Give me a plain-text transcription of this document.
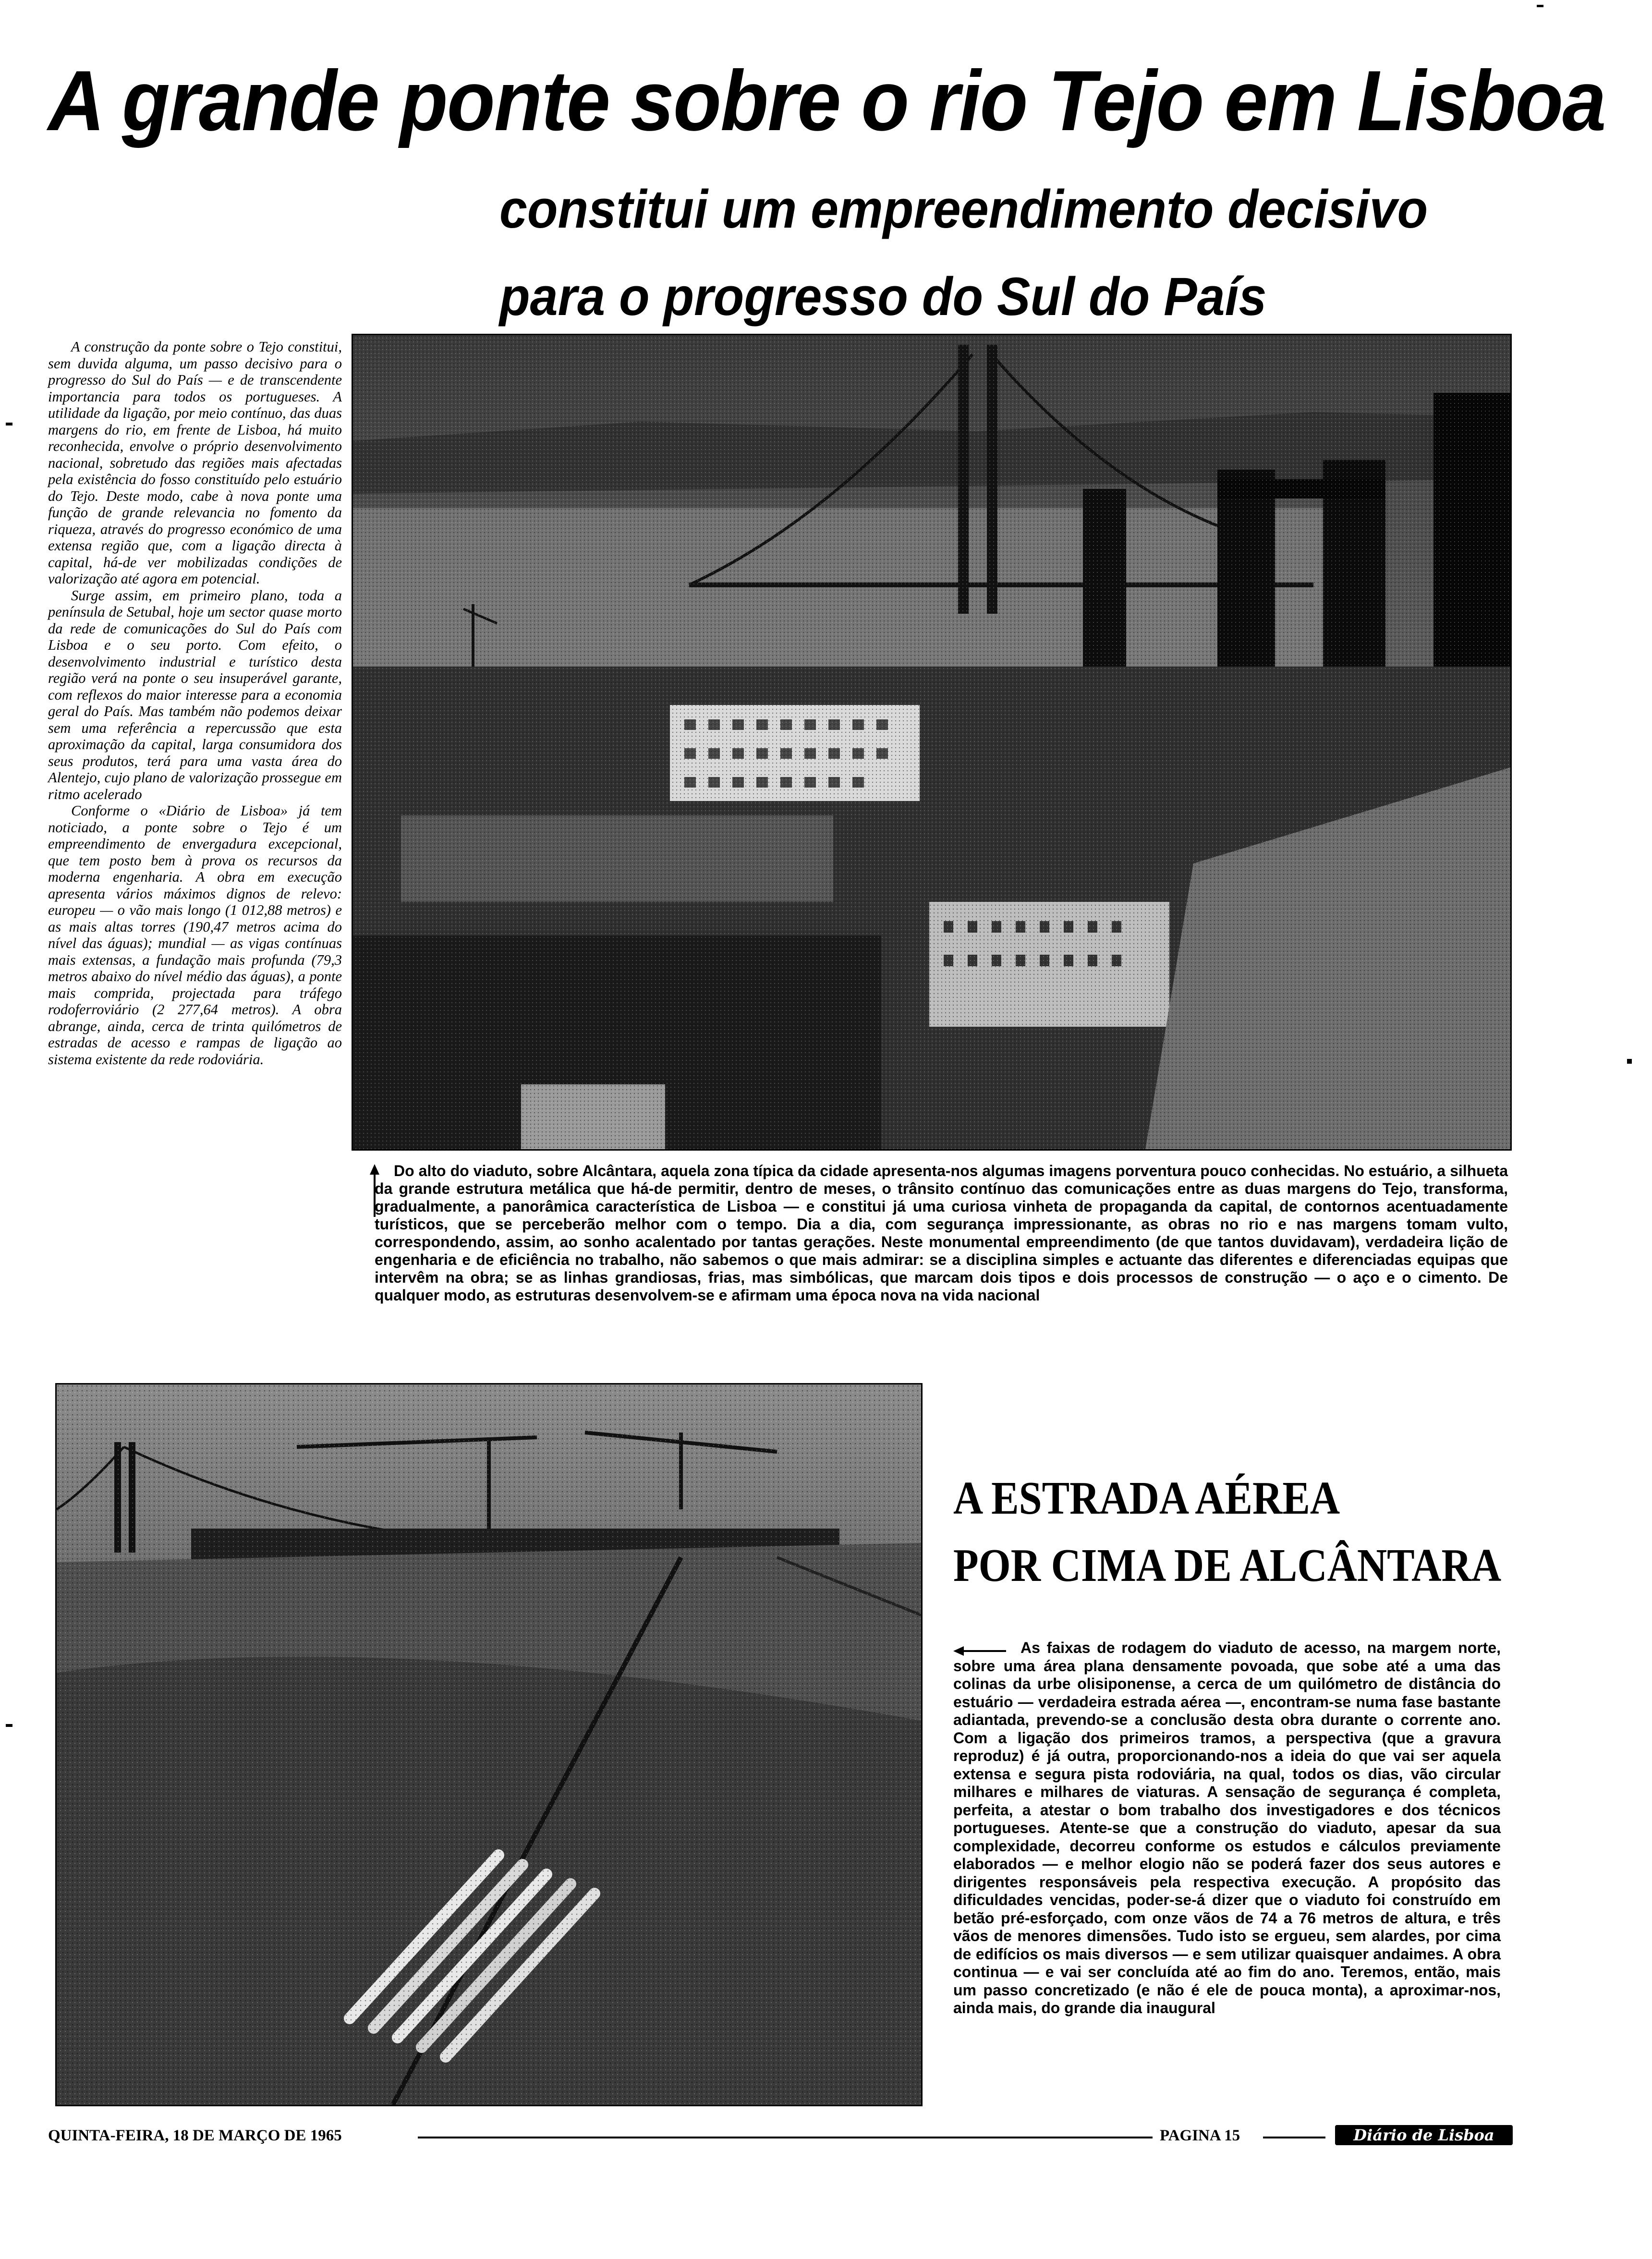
A grande ponte sobre o rio Tejo em Lisboa
constitui um empreendimento decisivo
para o progresso do Sul do País

A construção da ponte sobre o Tejo constitui, sem duvida alguma, um passo decisivo para o progresso do Sul do País — e de transcendente importancia para todos os portugueses. A utilidade da ligação, por meio contínuo, das duas margens do rio, em frente de Lisboa, há muito reconhecida, envolve o próprio desenvolvimento nacional, sobretudo das regiões mais afectadas pela existência do fosso constituído pelo estuário do Tejo. Deste modo, cabe à nova ponte uma função de grande relevancia no fomento da riqueza, através do progresso económico de uma extensa região que, com a ligação directa à capital, há-de ver mobilizadas condições de valorização até agora em potencial.

Surge assim, em primeiro plano, toda a península de Setubal, hoje um sector quase morto da rede de comunicações do Sul do País com Lisboa e o seu porto. Com efeito, o desenvolvimento industrial e turístico desta região verá na ponte o seu insuperável garante, com reflexos do maior interesse para a economia geral do País. Mas também não podemos deixar sem uma referência a repercussão que esta aproximação da capital, larga consumidora dos seus produtos, terá para uma vasta área do Alentejo, cujo plano de valorização prossegue em ritmo acelerado

Conforme o «Diário de Lisboa» já tem noticiado, a ponte sobre o Tejo é um empreendimento de envergadura excepcional, que tem posto bem à prova os recursos da moderna engenharia. A obra em execução apresenta vários máximos dignos de relevo: europeu — o vão mais longo (1 012,88 metros) e as mais altas torres (190,47 metros acima do nível das águas); mundial — as vigas contínuas mais extensas, a fundação mais profunda (79,3 metros abaixo do nível médio das águas), a ponte mais comprida, projectada para tráfego rodoferroviário (2 277,64 metros). A obra abrange, ainda, cerca de trinta quilómetros de estradas de acesso e rampas de ligação ao sistema existente da rede rodoviária.

Do alto do viaduto, sobre Alcântara, aquela zona típica da cidade apresenta-nos algumas imagens porventura pouco conhecidas. No estuário, a silhueta da grande estrutura metálica que há-de permitir, dentro de meses, o trânsito contínuo das comunicações entre as duas margens do Tejo, transforma, gradualmente, a panorâmica característica de Lisboa — e constitui já uma curiosa vinheta de propaganda da capital, de contornos acentuadamente turísticos, que se perceberão melhor com o tempo. Dia a dia, com segurança impressionante, as obras no rio e nas margens tomam vulto, correspondendo, assim, ao sonho acalentado por tantas gerações. Neste monumental empreendimento (de que tantos duvidavam), verdadeira lição de engenharia e de eficiência no trabalho, não sabemos o que mais admirar: se a disciplina simples e actuante das diferentes e diferenciadas equipas que intervêm na obra; se as linhas grandiosas, frias, mas simbólicas, que marcam dois tipos e dois processos de construção — o aço e o cimento. De qualquer modo, as estruturas desenvolvem-se e afirmam uma época nova na vida nacional

A ESTRADA AÉREA
POR CIMA DE ALCÂNTARA

As faixas de rodagem do viaduto de acesso, na margem norte, sobre uma área plana densamente povoada, que sobe até a uma das colinas da urbe olisiponense, a cerca de um quilómetro de distância do estuário — verdadeira estrada aérea —, encontram-se numa fase bastante adiantada, prevendo-se a conclusão desta obra durante o corrente ano. Com a ligação dos primeiros tramos, a perspectiva (que a gravura reproduz) é já outra, proporcionando-nos a ideia do que vai ser aquela extensa e segura pista rodoviária, na qual, todos os dias, vão circular milhares e milhares de viaturas. A sensação de segurança é completa, perfeita, a atestar o bom trabalho dos investigadores e dos técnicos portugueses. Atente-se que a construção do viaduto, apesar da sua complexidade, decorreu conforme os estudos e cálculos previamente elaborados — e melhor elogio não se poderá fazer dos seus autores e dirigentes responsáveis pela respectiva execução. A propósito das dificuldades vencidas, poder-se-á dizer que o viaduto foi construído em betão pré-esforçado, com onze vãos de 74 a 76 metros de altura, e três vãos de menores dimensões. Tudo isto se ergueu, sem alardes, por cima de edifícios os mais diversos — e sem utilizar quaisquer andaimes. A obra continua — e vai ser concluída até ao fim do ano. Teremos, então, mais um passo concretizado (e não é ele de pouca monta), a aproximar-nos, ainda mais, do grande dia inaugural

QUINTA-FEIRA, 18 DE MARÇO DE 1965	PAGINA 15	Diário de Lisboa
